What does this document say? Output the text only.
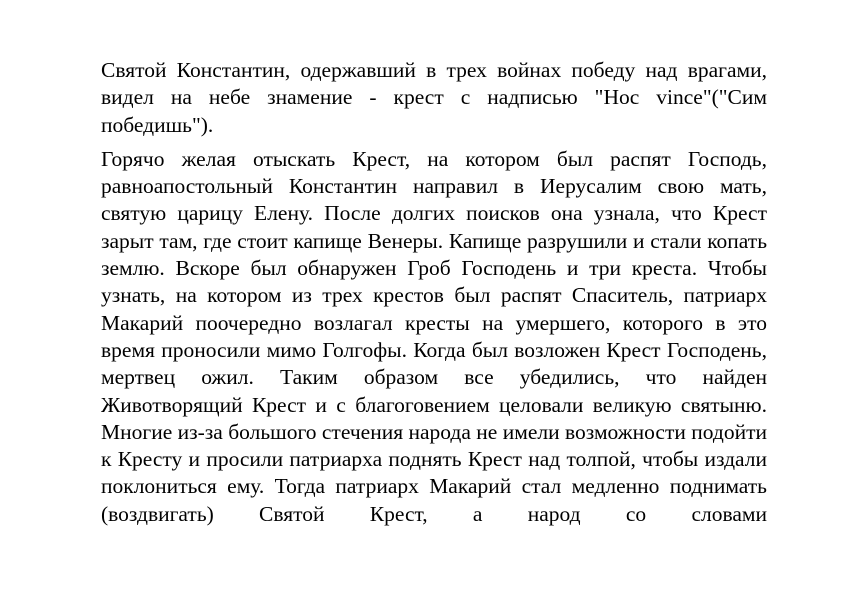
Святой Константин, одержавший в трех войнах победу над врагами, видел на небе знамение - крест с надписью "Hoc vince"("Сим победишь").

Горячо желая отыскать Крест, на котором был распят Господь, равноапостольный Константин направил в Иерусалим свою мать, святую царицу Елену. После долгих поисков она узнала, что Крест зарыт там, где стоит капище Венеры. Капище разрушили и стали копать землю. Вскоре был обнаружен Гроб Господень и три креста. Чтобы узнать, на котором из трех крестов был распят Спаситель, патриарх Макарий поочередно возлагал кресты на умершего, которого в это время проносили мимо Голгофы. Когда был возложен Крест Господень, мертвец ожил. Таким образом все убедились, что найден Животворящий Крест и с благоговением целовали великую святыню. Многие из-за большого стечения народа не имели возможности подойти к Кресту и просили патриарха поднять Крест над толпой, чтобы издали поклониться ему. Тогда патриарх Макарий стал медленно поднимать (воздвигать) Святой Крест, а народ со словами
